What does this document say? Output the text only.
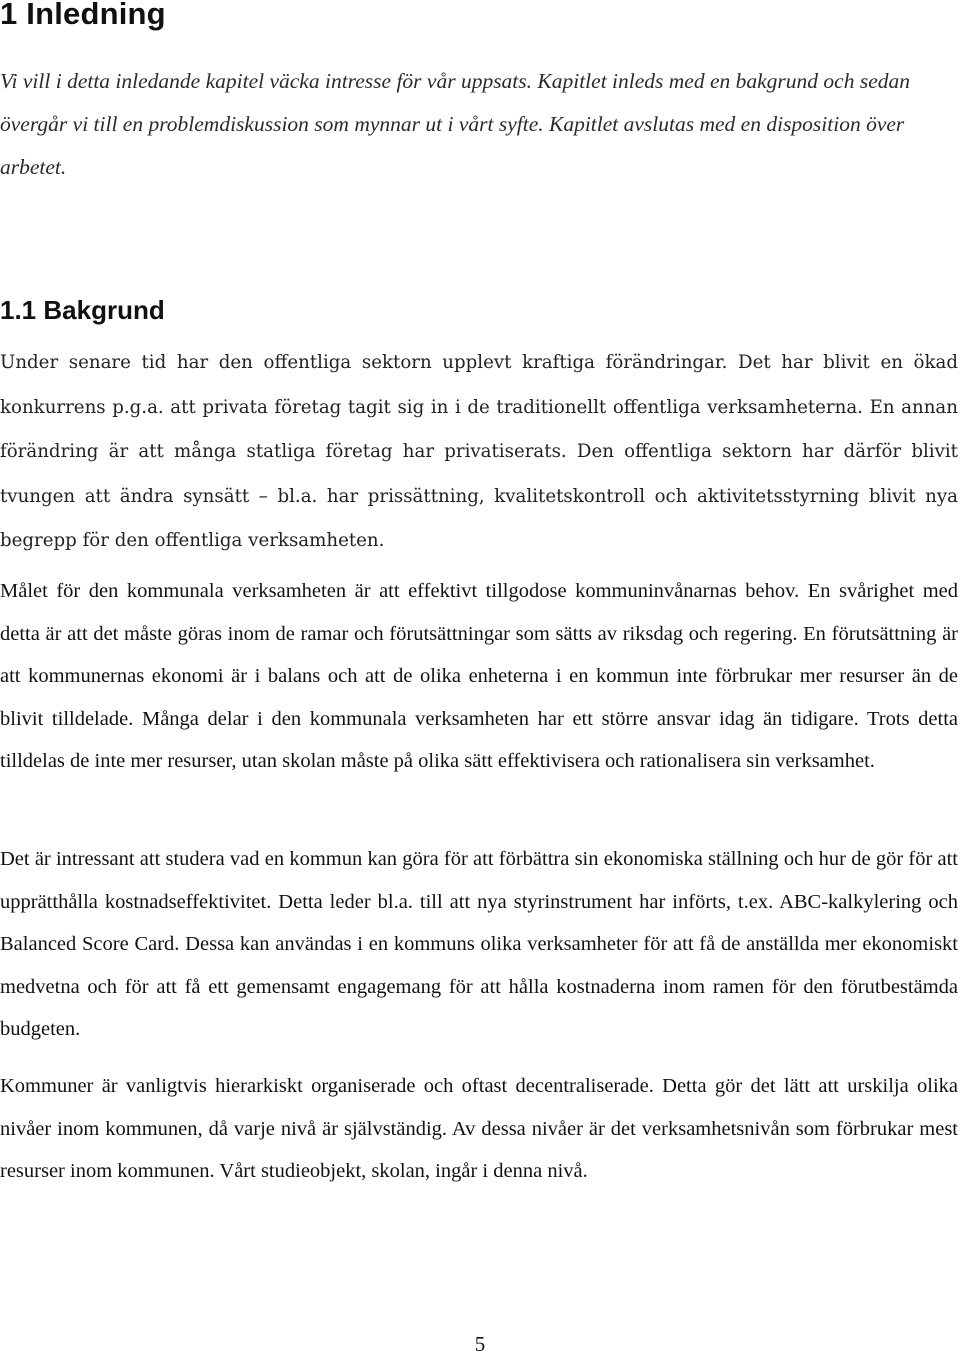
1 Inledning

Vi vill i detta inledande kapitel väcka intresse för vår uppsats. Kapitlet inleds med en bakgrund och sedan övergår vi till en problemdiskussion som mynnar ut i vårt syfte. Kapitlet avslutas med en disposition över arbetet.

1.1 Bakgrund

Under senare tid har den offentliga sektorn upplevt kraftiga förändringar. Det har blivit en ökad konkurrens p.g.a. att privata företag tagit sig in i de traditionellt offentliga verksamheterna. En annan förändring är att många statliga företag har privatiserats. Den offentliga sektorn har därför blivit tvungen att ändra synsätt – bl.a. har prissättning, kvalitetskontroll och aktivitetsstyrning blivit nya begrepp för den offentliga verksamheten.

Målet för den kommunala verksamheten är att effektivt tillgodose kommuninvånarnas behov. En svårighet med detta är att det måste göras inom de ramar och förutsättningar som sätts av riksdag och regering. En förutsättning är att kommunernas ekonomi är i balans och att de olika enheterna i en kommun inte förbrukar mer resurser än de blivit tilldelade. Många delar i den kommunala verksamheten har ett större ansvar idag än tidigare. Trots detta tilldelas de inte mer resurser, utan skolan måste på olika sätt effektivisera och rationalisera sin verksamhet.

Det är intressant att studera vad en kommun kan göra för att förbättra sin ekonomiska ställning och hur de gör för att upprätthålla kostnadseffektivitet. Detta leder bl.a. till att nya styrinstrument har införts, t.ex. ABC-kalkylering och Balanced Score Card. Dessa kan användas i en kommuns olika verksamheter för att få de anställda mer ekonomiskt medvetna och för att få ett gemensamt engagemang för att hålla kostnaderna inom ramen för den förutbestämda budgeten.

Kommuner är vanligtvis hierarkiskt organiserade och oftast decentraliserade. Detta gör det lätt att urskilja olika nivåer inom kommunen, då varje nivå är självständig. Av dessa nivåer är det verksamhetsnivån som förbrukar mest resurser inom kommunen. Vårt studieobjekt, skolan, ingår i denna nivå.

5
